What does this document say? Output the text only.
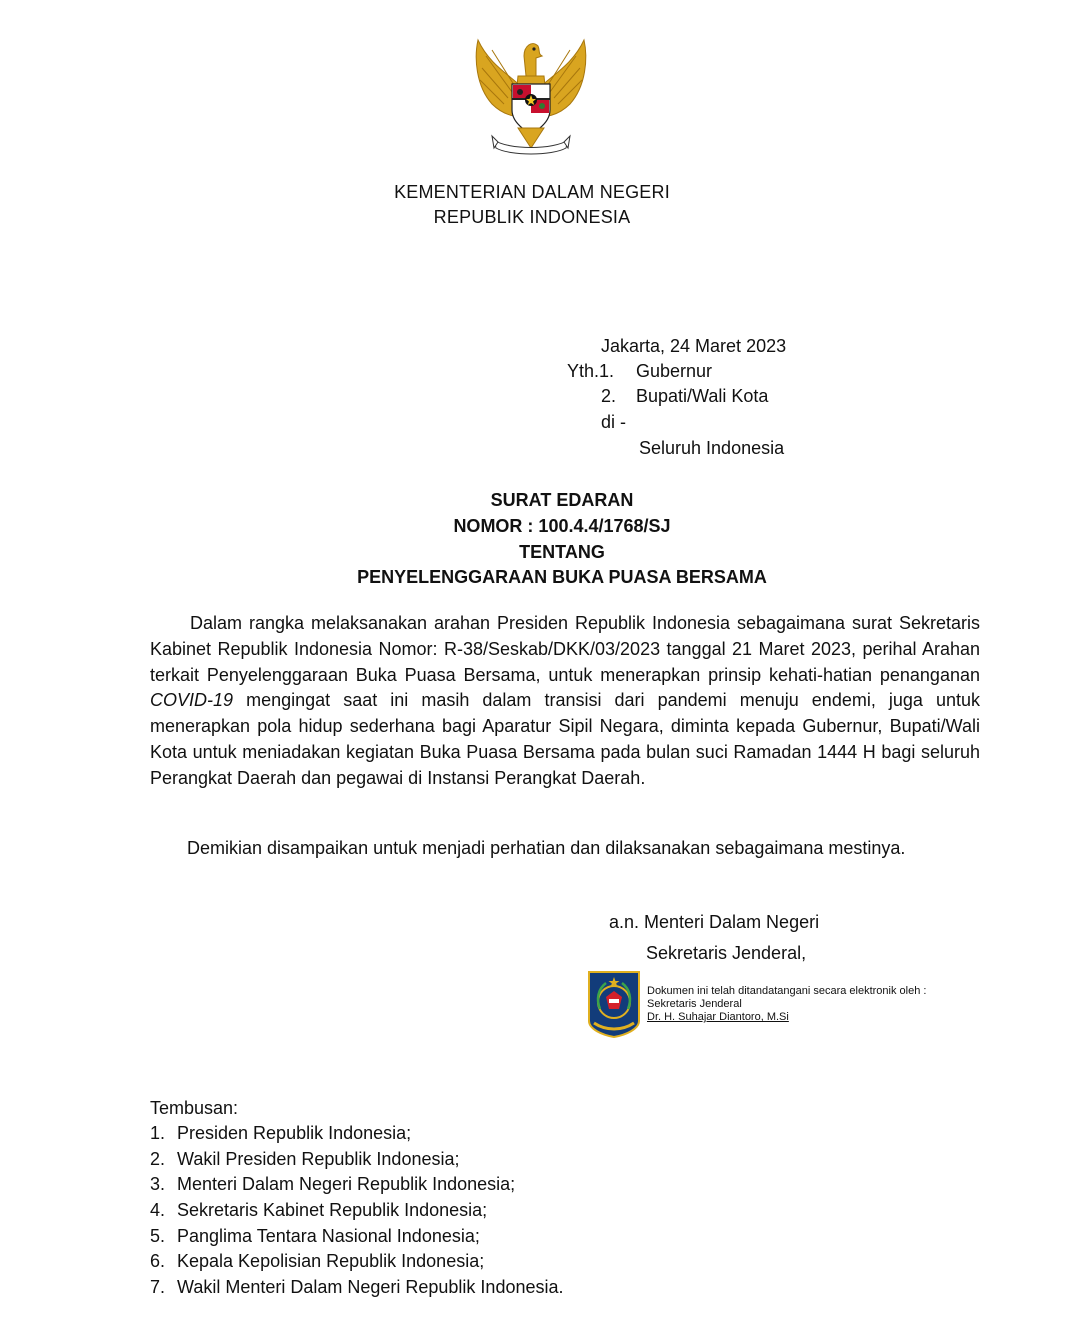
KEMENTERIAN DALAM NEGERI
REPUBLIK INDONESIA
Jakarta, 24 Maret 2023
Yth.1. Gubernur
2. Bupati/Wali Kota
di -
Seluruh Indonesia
SURAT EDARAN
NOMOR : 100.4.4/1768/SJ
TENTANG
PENYELENGGARAAN BUKA PUASA BERSAMA
Dalam rangka melaksanakan arahan Presiden Republik Indonesia sebagaimana surat Sekretaris Kabinet Republik Indonesia Nomor: R-38/Seskab/DKK/03/2023 tanggal 21 Maret 2023, perihal Arahan terkait Penyelenggaraan Buka Puasa Bersama, untuk menerapkan prinsip kehati-hatian penanganan COVID-19 mengingat saat ini masih dalam transisi dari pandemi menuju endemi, juga untuk menerapkan pola hidup sederhana bagi Aparatur Sipil Negara, diminta kepada Gubernur, Bupati/Wali Kota untuk meniadakan kegiatan Buka Puasa Bersama pada bulan suci Ramadan 1444 H bagi seluruh Perangkat Daerah dan pegawai di Instansi Perangkat Daerah.
Demikian disampaikan untuk menjadi perhatian dan dilaksanakan sebagaimana mestinya.
a.n. Menteri Dalam Negeri
Sekretaris Jenderal,
Dokumen ini telah ditandatangani secara elektronik oleh :
Sekretaris Jenderal
Dr. H. Suhajar Diantoro, M.Si
Tembusan:
1. Presiden Republik Indonesia;
2. Wakil Presiden Republik Indonesia;
3. Menteri Dalam Negeri Republik Indonesia;
4. Sekretaris Kabinet Republik Indonesia;
5. Panglima Tentara Nasional Indonesia;
6. Kepala Kepolisian Republik Indonesia;
7. Wakil Menteri Dalam Negeri Republik Indonesia.
